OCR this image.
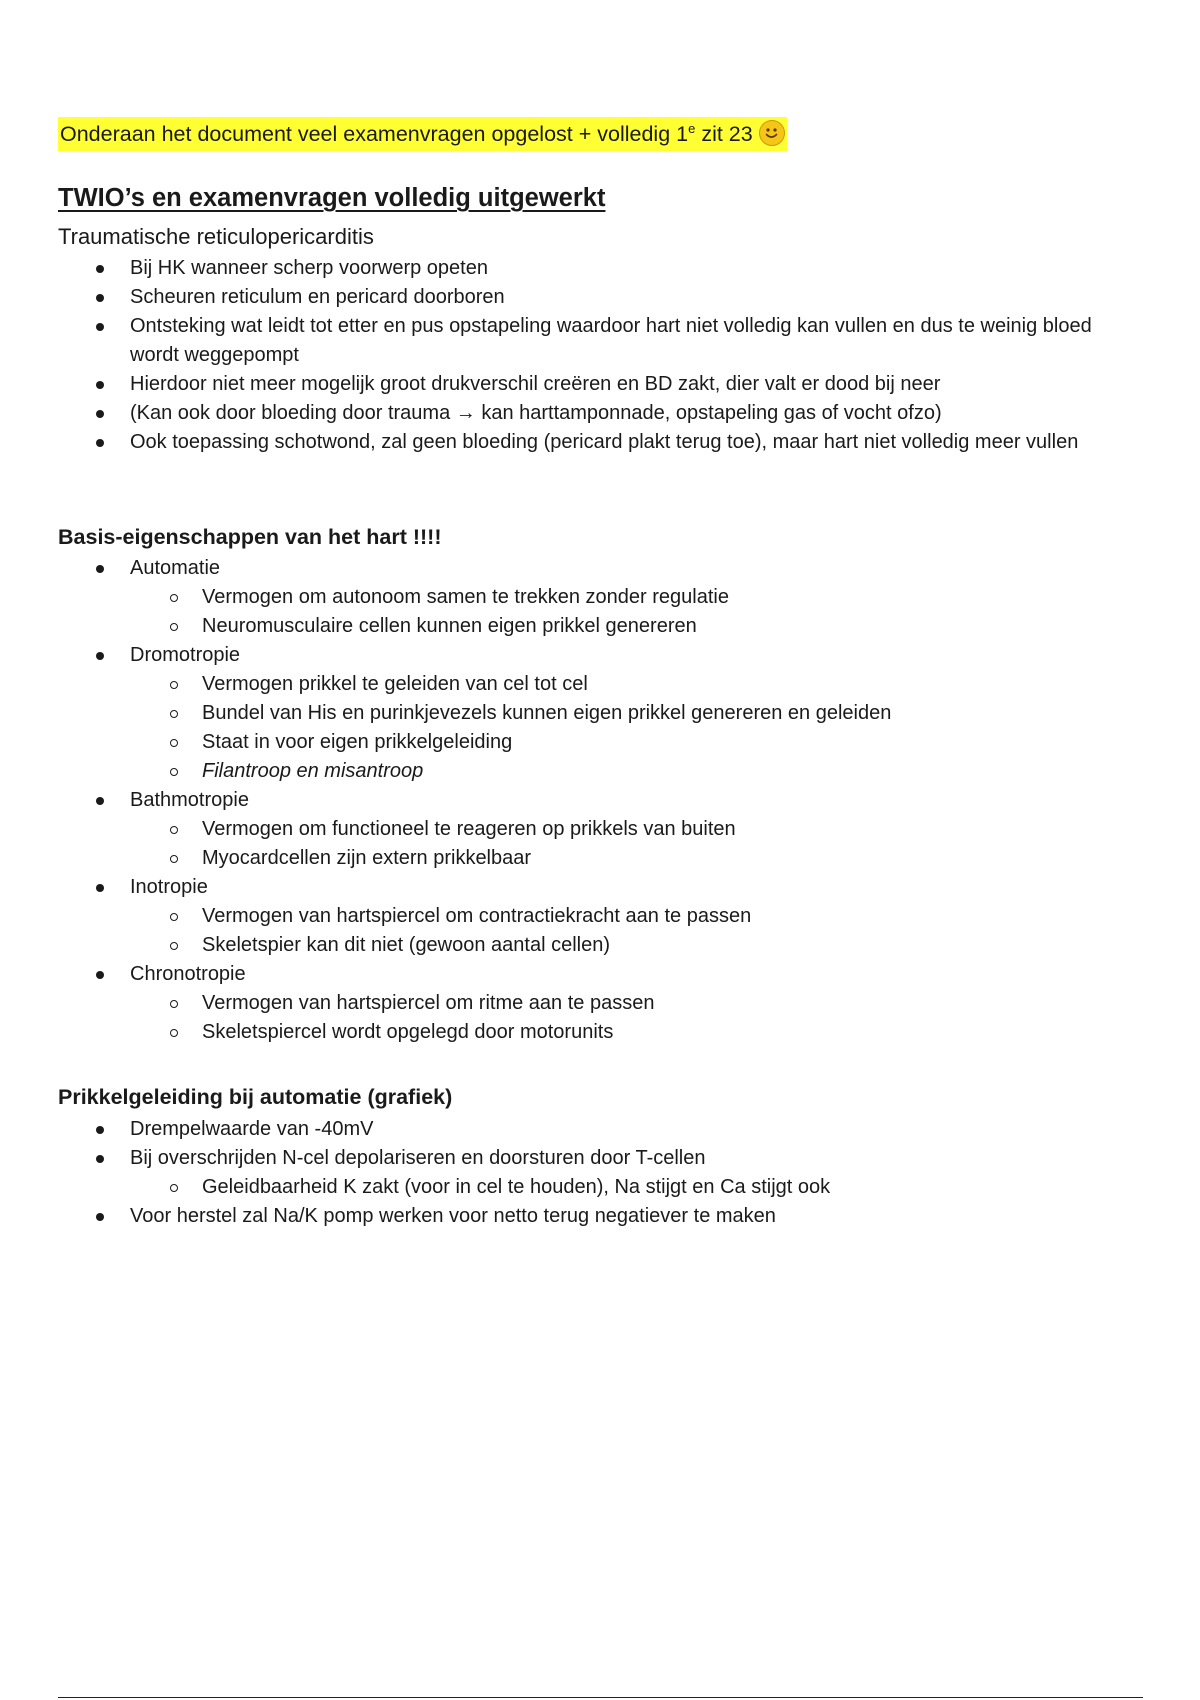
Onderaan het document veel examenvragen opgelost + volledig 1e zit 23
TWIO’s en examenvragen volledig uitgewerkt
Traumatische reticulopericarditis
Bij HK wanneer scherp voorwerp opeten
Scheuren reticulum en pericard doorboren
Ontsteking wat leidt tot etter en pus opstapeling waardoor hart niet volledig kan vullen en dus te weinig bloed wordt weggepompt
Hierdoor niet meer mogelijk groot drukverschil creëren en BD zakt, dier valt er dood bij neer
(Kan ook door bloeding door trauma → kan harttamponnade, opstapeling gas of vocht ofzo)
Ook toepassing schotwond, zal geen bloeding (pericard plakt terug toe), maar hart niet volledig meer vullen
Basis-eigenschappen van het hart !!!!
Automatie
Vermogen om autonoom samen te trekken zonder regulatie
Neuromusculaire cellen kunnen eigen prikkel genereren
Dromotropie
Vermogen prikkel te geleiden van cel tot cel
Bundel van His en purinkjevezels kunnen eigen prikkel genereren en geleiden
Staat in voor eigen prikkelgeleiding
Filantroop en misantroop
Bathmotropie
Vermogen om functioneel te reageren op prikkels van buiten
Myocardcellen zijn extern prikkelbaar
Inotropie
Vermogen van hartspiercel om contractiekracht aan te passen
Skeletspier kan dit niet (gewoon aantal cellen)
Chronotropie
Vermogen van hartspiercel om ritme aan te passen
Skeletspiercel wordt opgelegd door motorunits
Prikkelgeleiding bij automatie (grafiek)
Drempelwaarde van -40mV
Bij overschrijden N-cel depolariseren en doorsturen door T-cellen
Geleidbaarheid K zakt (voor in cel te houden), Na stijgt en Ca stijgt ook
Voor herstel zal Na/K pomp werken voor netto terug negatiever te maken
